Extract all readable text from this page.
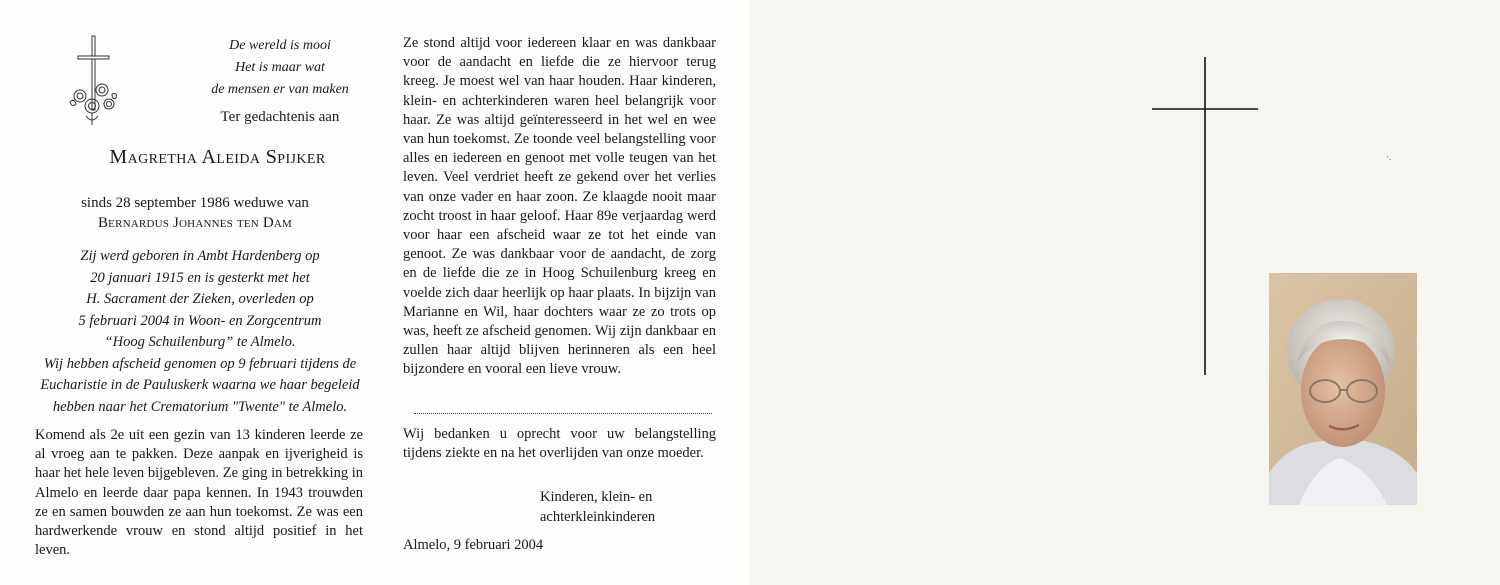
De wereld is mooi
Het is maar wat
de mensen er van maken
Ter gedachtenis aan
Magretha Aleida Spijker
sinds 28 september 1986 weduwe van
Bernardus Johannes ten Dam
Zij werd geboren in Ambt Hardenberg op
20 januari 1915 en is gesterkt met het
H. Sacrament der Zieken, overleden op
5 februari 2004 in Woon- en Zorgcentrum
“Hoog Schuilenburg” te Almelo.
Wij hebben afscheid genomen op 9 februari tijdens de
Eucharistie in de Pauluskerk waarna we haar begeleid
hebben naar het Crematorium "Twente" te Almelo.
Komend als 2e uit een gezin van 13 kinderen leerde ze al vroeg aan te pakken. Deze aanpak en ijverigheid is haar het hele leven bijgebleven. Ze ging in betrekking in Almelo en leerde daar papa kennen. In 1943 trouwden ze en samen bouwden ze aan hun toekomst. Ze was een hardwerkende vrouw en stond altijd positief in het leven.
Ze stond altijd voor iedereen klaar en was dankbaar voor de aandacht en liefde die ze hiervoor terug kreeg. Je moest wel van haar houden. Haar kinderen, klein- en achterkinderen waren heel belangrijk voor haar. Ze was altijd geïnteresseerd in het wel en wee van hun toekomst. Ze toonde veel belangstelling voor alles en iedereen en genoot met volle teugen van het leven. Veel verdriet heeft ze gekend over het verlies van onze vader en haar zoon. Ze klaagde nooit maar zocht troost in haar geloof. Haar 89e verjaardag werd voor haar een afscheid waar ze tot het einde van genoot. Ze was dankbaar voor de aandacht, de zorg en de liefde die ze in Hoog Schuilenburg kreeg en voelde zich daar heerlijk op haar plaats. In bijzijn van Marianne en Wil, haar dochters waar ze zo trots op was, heeft ze afscheid genomen. Wij zijn dankbaar en zullen haar altijd blijven herinneren als een heel bijzondere en vooral een lieve vrouw.
Wij bedanken u oprecht voor uw belangstelling tijdens ziekte en na het overlijden van onze moeder.
Kinderen, klein- en
achterkleinkinderen
Almelo, 9 februari 2004
·.
